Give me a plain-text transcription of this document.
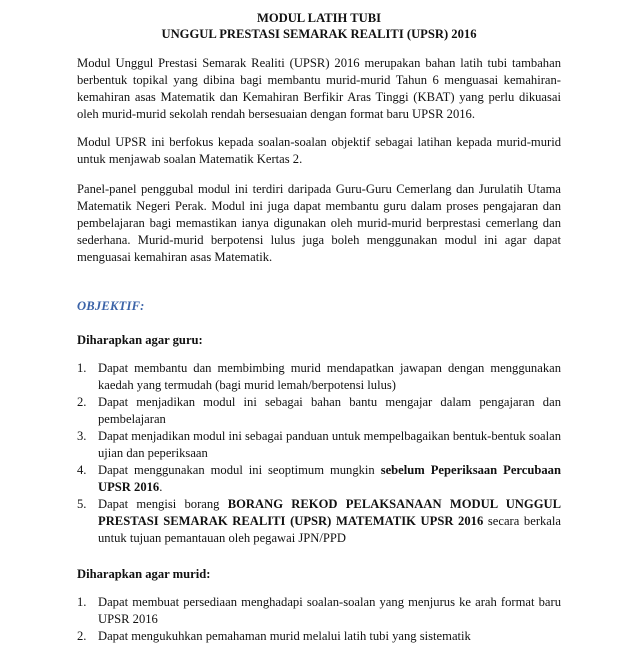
MODUL LATIH TUBI

UNGGUL PRESTASI SEMARAK REALITI (UPSR) 2016

Modul Unggul Prestasi Semarak Realiti (UPSR) 2016 merupakan bahan latih tubi tambahan berbentuk topikal yang dibina bagi membantu murid-murid Tahun 6 menguasai kemahiran-kemahiran asas Matematik dan Kemahiran Berfikir Aras Tinggi (KBAT) yang perlu dikuasai oleh murid-murid sekolah rendah bersesuaian dengan format baru UPSR 2016.

Modul UPSR ini berfokus kepada soalan-soalan objektif sebagai latihan kepada murid-murid untuk menjawab soalan Matematik Kertas 2.

Panel-panel penggubal modul ini terdiri daripada Guru-Guru Cemerlang dan Jurulatih Utama Matematik Negeri Perak. Modul ini juga dapat membantu guru dalam proses pengajaran dan pembelajaran bagi memastikan ianya digunakan oleh murid-murid berprestasi cemerlang dan sederhana. Murid-murid berpotensi lulus juga boleh menggunakan modul ini agar dapat menguasai kemahiran asas Matematik.

OBJEKTIF:

Diharapkan agar guru:

1. Dapat membantu dan membimbing murid mendapatkan jawapan dengan menggunakan kaedah yang termudah (bagi murid lemah/berpotensi lulus)
2. Dapat menjadikan modul ini sebagai bahan bantu mengajar dalam pengajaran dan pembelajaran
3. Dapat menjadikan modul ini sebagai panduan untuk mempelbagaikan bentuk-bentuk soalan ujian dan peperiksaan
4. Dapat menggunakan modul ini seoptimum mungkin sebelum Peperiksaan Percubaan UPSR 2016.
5. Dapat mengisi borang BORANG REKOD PELAKSANAAN MODUL UNGGUL PRESTASI SEMARAK REALITI (UPSR) MATEMATIK UPSR 2016 secara berkala untuk tujuan pemantauan oleh pegawai JPN/PPD

Diharapkan agar murid:

1. Dapat membuat persediaan menghadapi soalan-soalan yang menjurus ke arah format baru UPSR 2016
2. Dapat mengukuhkan pemahaman murid melalui latih tubi yang sistematik
